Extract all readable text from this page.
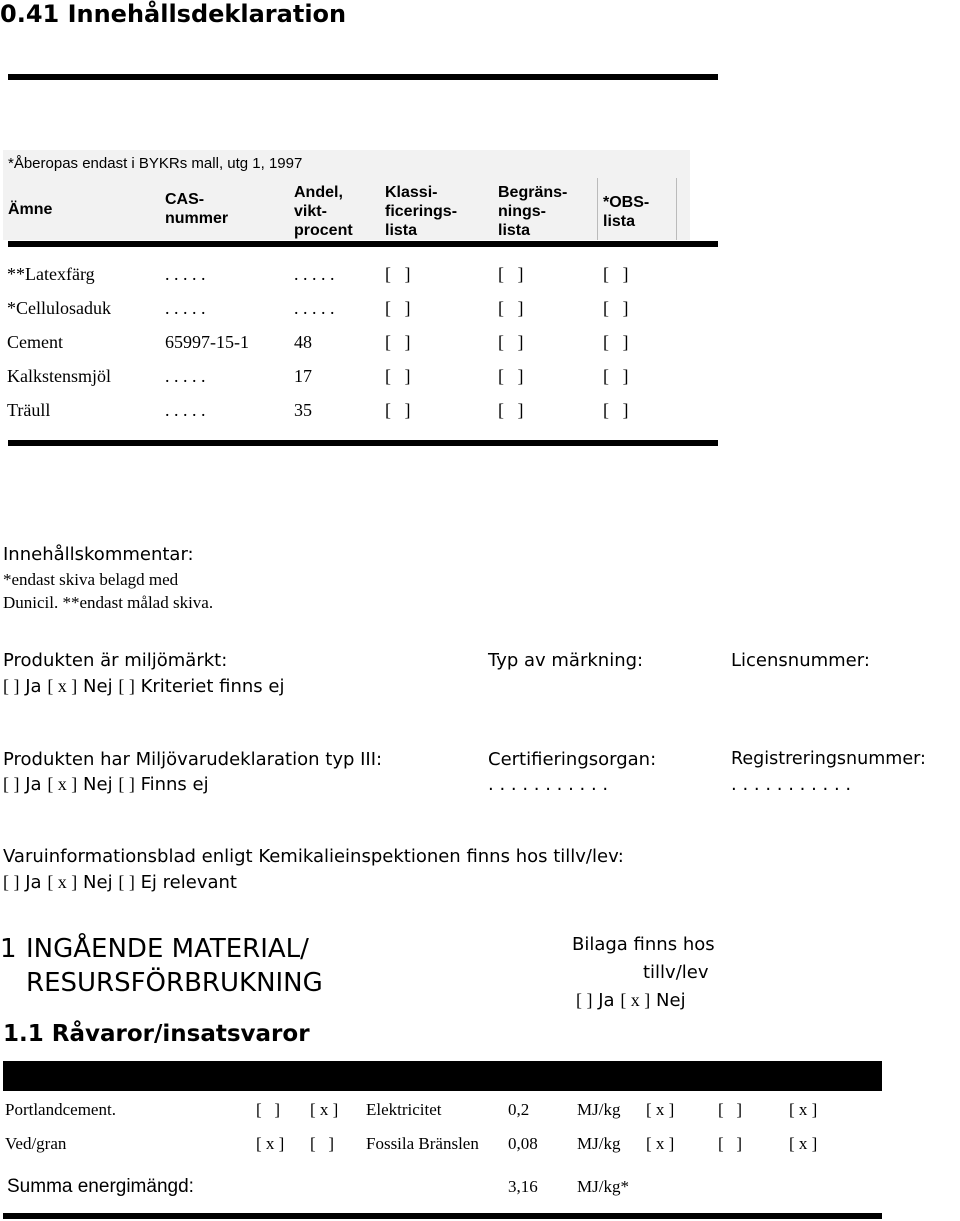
0.41 Innehållsdeklaration
*Åberopas endast i BYKRs mall, utg 1, 1997
Ämne
CAS-
nummer
Andel,
vikt-
procent
Klassi-
ficerings-
lista
Begräns-
nings-
lista
*OBS-
lista
**Latexfärg	. . . . .	. . . . .	[   ]	[   ]	[   ]
*Cellulosaduk	. . . . .	. . . . .	[   ]	[   ]	[   ]
Cement	65997-15-1	48	[   ]	[   ]	[   ]
Kalkstensmjöl	. . . . .	17	[   ]	[   ]	[   ]
Träull	. . . . .	35	[   ]	[   ]	[   ]
Innehållskommentar:
*endast skiva belagd med
Dunicil. **endast målad skiva.
Produkten är miljömärkt:	Typ av märkning:	Licensnummer:
[ ] Ja [ x ] Nej [ ] Kriteriet finns ej
Produkten har Miljövarudeklaration typ III:	Certifieringsorgan:	Registreringsnummer:
[ ] Ja [ x ] Nej [ ] Finns ej	. . . . . . . . . . .	. . . . . . . . . . .
Varuinformationsblad enligt Kemikalieinspektionen finns hos tillv/lev:
[ ] Ja [ x ] Nej [ ] Ej relevant
1 INGÅENDE MATERIAL/
RESURSFÖRBRUKNING
1.1 Råvaror/insatsvaror
Bilaga finns hos
tillv/lev
[ ] Ja [ x ] Nej
Portlandcement.	[   ] [ x ] Elektricitet	0,2	MJ/kg [ x ]	[   ]	[ x ]
Ved/gran	[ x ] [   ] Fossila Bränslen 0,08 MJ/kg [ x ]	[   ]	[ x ]
Summa energimängd:	3,16 MJ/kg*
